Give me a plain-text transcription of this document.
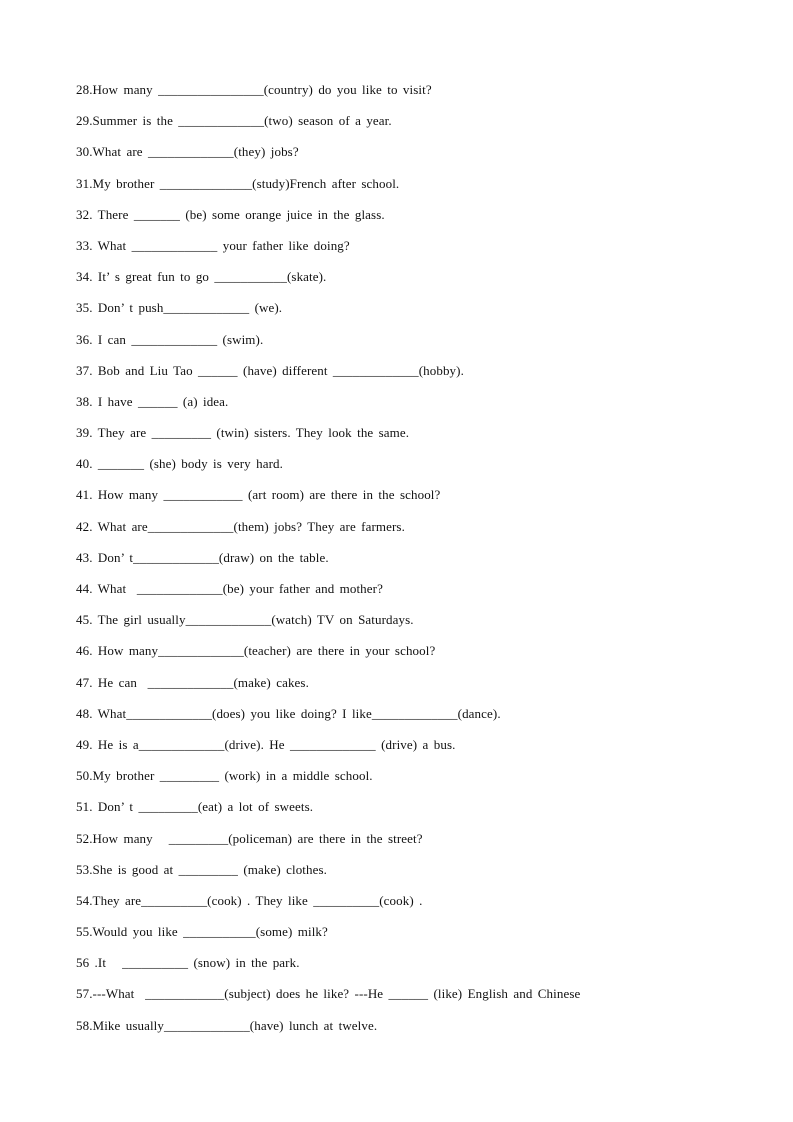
28.How many ________________(country) do you like to visit?
29.Summer is the _____________(two) season of a year.
30.What are _____________(they) jobs?
31.My brother ______________(study)French after school.
32. There _______ (be) some orange juice in the glass.
33. What _____________ your father like doing?
34. It’ s great fun to go ___________(skate).
35. Don’ t push_____________ (we).
36. I can _____________ (swim).
37. Bob and Liu Tao ______ (have) different _____________(hobby).
38. I have ______ (a) idea.
39. They are _________ (twin) sisters. They look the same.
40. _______ (she) body is very hard.
41. How many ____________ (art room) are there in the school?
42. What are_____________(them) jobs? They are farmers.
43. Don’ t_____________(draw) on the table.
44. What  _____________(be) your father and mother?
45. The girl usually_____________(watch) TV on Saturdays.
46. How many_____________(teacher) are there in your school?
47. He can  _____________(make) cakes.
48. What_____________(does) you like doing? I like_____________(dance).
49. He is a_____________(drive). He _____________ (drive) a bus.
50.My brother _________ (work) in a middle school.
51. Don’ t _________(eat) a lot of sweets.
52.How many   _________(policeman) are there in the street?
53.She is good at _________ (make) clothes.
54.They are__________(cook) . They like __________(cook) .
55.Would you like ___________(some) milk?
56 .It   __________ (snow) in the park.
57.---What  ____________(subject) does he like? ---He ______ (like) English and Chinese
58.Mike usually_____________(have) lunch at twelve.
